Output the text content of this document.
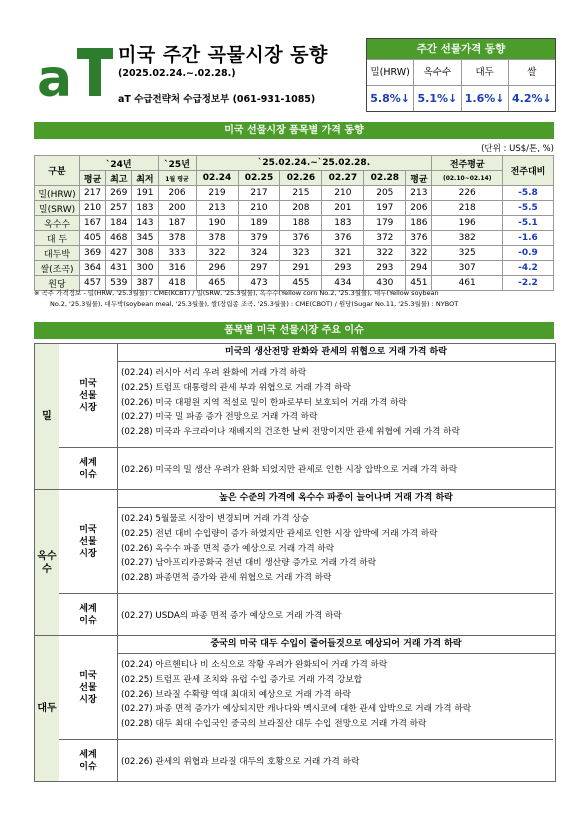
a 미국 주간 곡물시장 동향
(2025.02.24.~.02.28.)
aT 수급전략처 수급정보부 (061-931-1085)
주간 선물가격 동향
밀(HRW)	옥수수	대두	쌀
5.8%↓ 5.1%↓ 1.6%↓ 4.2%↓
미국 선물시장 품목별 가격 동향
(단위 : US$/톤, %)
구분	`24년			`25년	`25.02.24.~`25.02.28.						전주평균	전주대비
	평균	최고	최저	1월 평균	02.24	02.25	02.26	02.27	02.28	평균	(02.10~02.14)	
밀(HRW)	217	269	191	206	219	217	215	210	205	213	226	-5.8
밀(SRW)	210	257	183	200	213	210	208	201	197	206	218	-5.5
옥수수	167	184	143	187	190	189	188	183	179	186	196	-5.1
대 두	405	468	345	378	378	379	376	376	372	376	382	-1.6
대두박	369	427	308	333	322	324	323	321	322	322	325	-0.9
쌀(조곡)	364	431	300	316	296	297	291	293	293	294	307	-4.2
원당	457	539	387	418	465	473	455	434	430	451	461	-2.2
※ 곡주 가격정보 - 밀(HRW, '25.3월물) : CME(KCBT) / 밀(SRW, '25.3월물), 옥수수(Yellow corn No.2, '25.3월물), 대두(Yellow soybean
No.2, '25.3월물), 대두박(soybean meal, '25.3월물), 쌀(장립종 조곡, '25.3월물) : CME(CBOT) / 원당(Sugar No.11, '25.3월물) : NYBOT
품목별 미국 선물시장 주요 이슈
밀
미국
선물
시장
미국의 생산전망 완화와 관세의 위협으로 거래 가격 하락
(02.24) 러시아 서리 우려 완화에 거래 가격 하락
(02.25) 트럼프 대통령의 관세 부과 위협으로 거래 가격 하락
(02.26) 미국 대평원 지역 적설로 밀이 한파로부터 보호되어 거래 가격 하락
(02.27) 미국 밀 파종 증가 전망으로 거래 가격 하락
(02.28) 미국과 우크라이나 재배지의 건조한 날씨 전망이지만 관세 위협에 거래 가격 하락
세계
이슈	(02.26) 미국의 밀 생산 우려가 완화 되었지만 관세로 인한 시장 압박으로 거래 가격 하락
옥수수
미국
선물
시장
높은 수준의 가격에 옥수수 파종이 늘어나며 거래 가격 하락
(02.24) 5월물로 시장이 변경되며 거래 가격 상승
(02.25) 전년 대비 수입량이 증가 하였지만 관세로 인한 시장 압박에 거래 가격 하락
(02.26) 옥수수 파종 면적 증가 예상으로 거래 가격 하락
(02.27) 남아프리카공화국 전년 대비 생산량 증가로 거래 가격 하락
(02.28) 파종면적 증가와 관세 위협으로 거래 가격 하락
세계
이슈	(02.27) USDA의 파종 면적 증가 예상으로 거래 가격 하락
대두
미국
선물
시장
중국의 미국 대두 수입이 줄어들것으로 예상되어 거래 가격 하락
(02.24) 아르헨티나 비 소식으로 작황 우려가 완화되어 거래 가격 하락
(02.25) 트럼프 관세 조치와 유럽 수입 증가로 거래 가격 강보합
(02.26) 브라질 수확량 역대 최대치 예상으로 거래 가격 하락
(02.27) 파종 면적 증가가 예상되지만 캐나다와 멕시코에 대한 관세 압박으로 거래 가격 하락
(02.28) 대두 최대 수입국인 중국의 브라질산 대두 수입 전망으로 거래 가격 하락
세계
이슈	(02.26) 관세의 위협과 브라질 대두의 호황으로 거래 가격 하락
